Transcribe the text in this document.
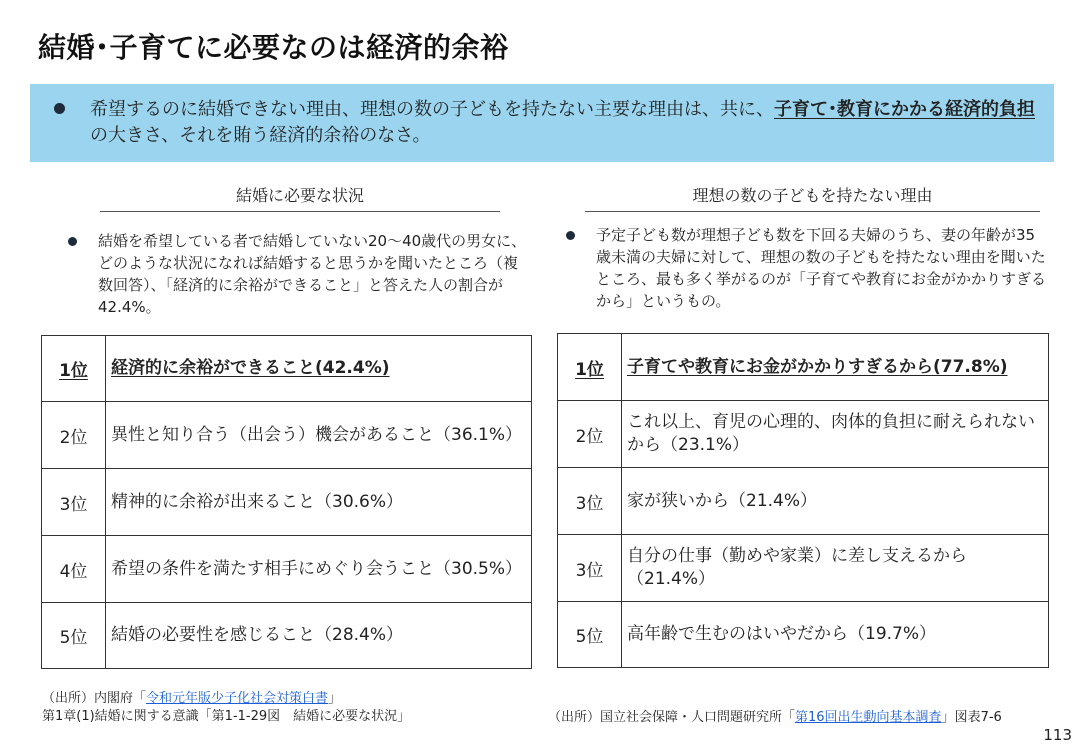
結婚･子育てに必要なのは経済的余裕
希望するのに結婚できない理由、理想の数の子どもを持たない主要な理由は、共に、子育て･教育にかかる経済的負担の大きさ、それを賄う経済的余裕のなさ。
結婚に必要な状況
結婚を希望している者で結婚していない20～40歳代の男女に、どのような状況になれば結婚すると思うかを聞いたところ（複数回答）、「経済的に余裕ができること」と答えた人の割合が42.4%。
1位	経済的に余裕ができること(42.4%)
2位	異性と知り合う（出会う）機会があること（36.1%）
3位	精神的に余裕が出来ること（30.6%）
4位	希望の条件を満たす相手にめぐり会うこと（30.5%）
5位	結婚の必要性を感じること（28.4%）
（出所）内閣府「令和元年版少子化社会対策白書」
第1章(1)結婚に関する意識「第1-1-29図　結婚に必要な状況」
理想の数の子どもを持たない理由
予定子ども数が理想子ども数を下回る夫婦のうち、妻の年齢が35歳未満の夫婦に対して、理想の数の子どもを持たない理由を聞いたところ、最も多く挙がるのが「子育てや教育にお金がかかりすぎるから」というもの。
1位	子育てや教育にお金がかかりすぎるから(77.8%)
2位	これ以上、育児の心理的、肉体的負担に耐えられないから（23.1%）
3位	家が狭いから（21.4%）
3位	自分の仕事（勤めや家業）に差し支えるから（21.4%）
5位	高年齢で生むのはいやだから（19.7%）
（出所）国立社会保障・人口問題研究所「第16回出生動向基本調査」図表7-6
113
